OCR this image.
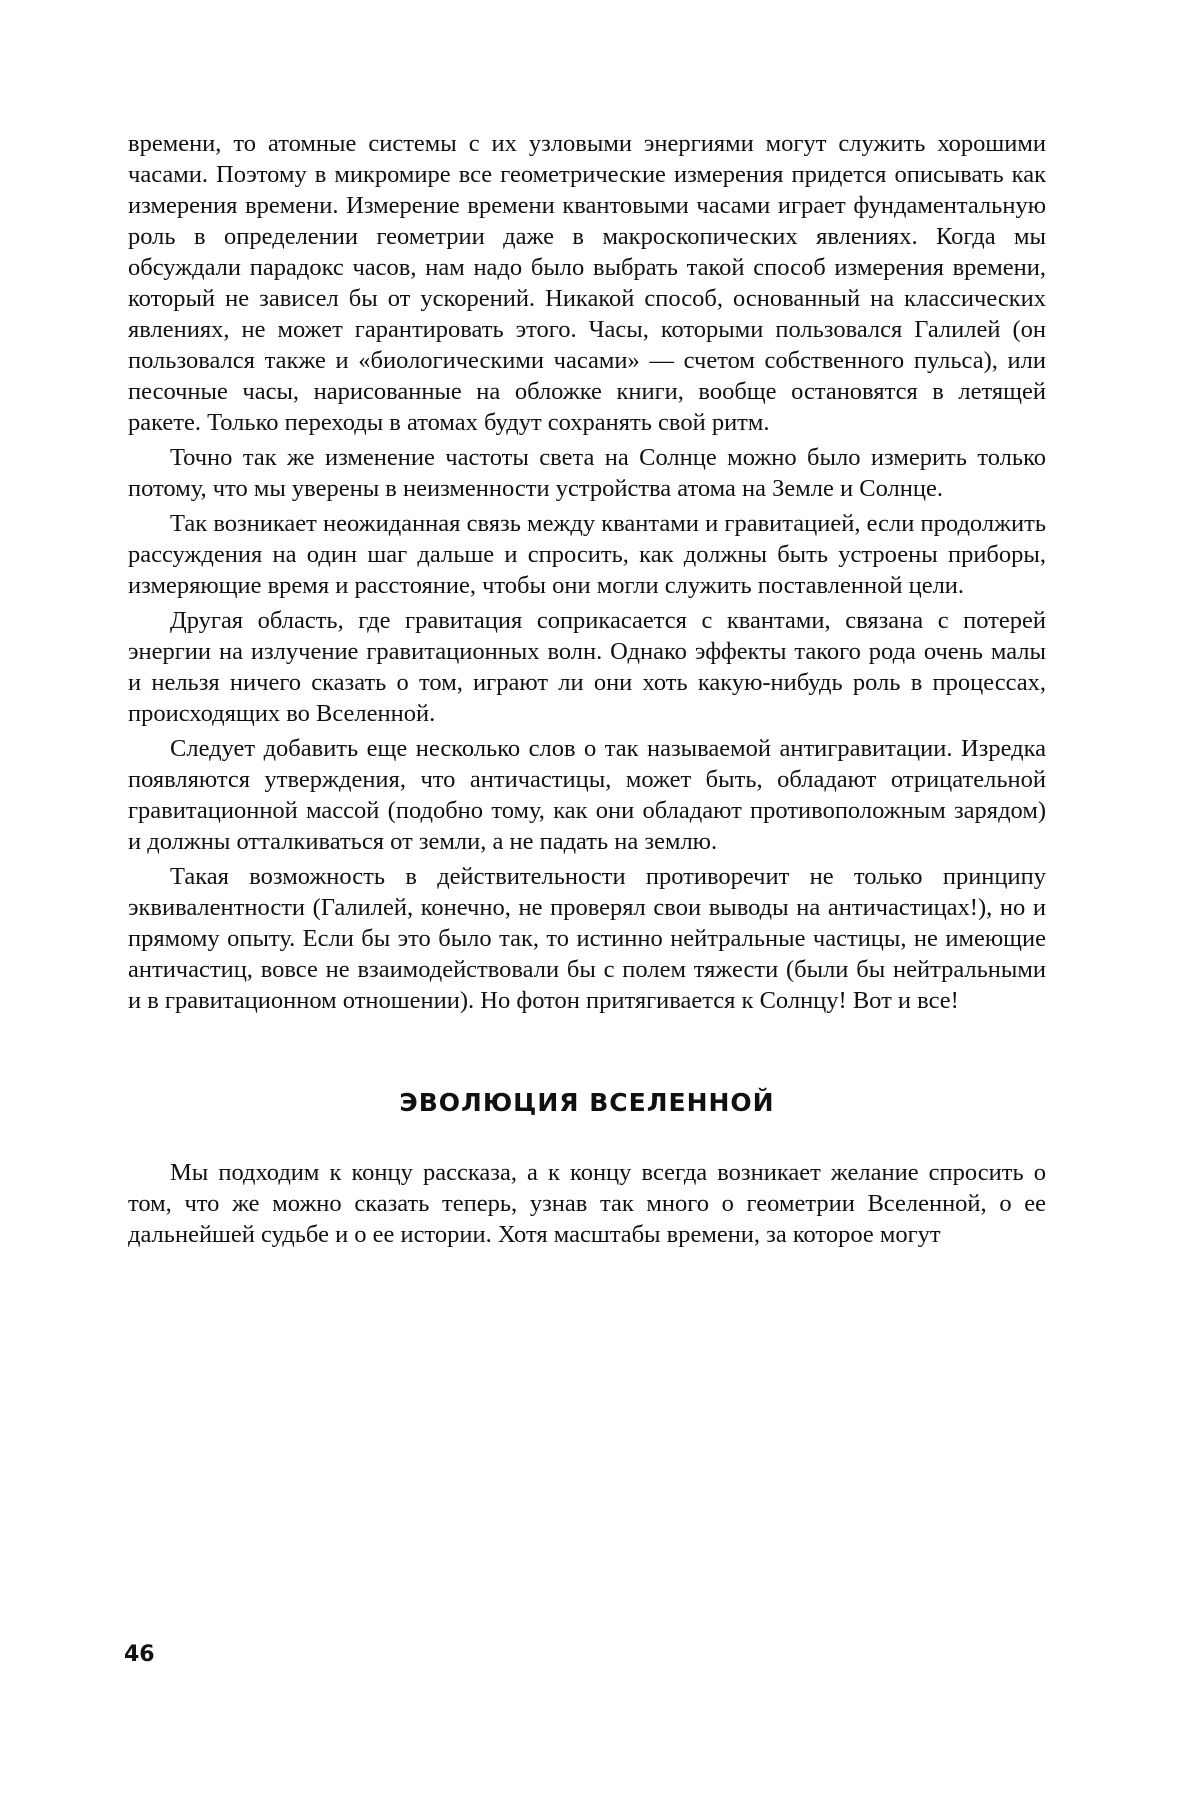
времени, то атомные системы с их узловыми энергиями могут служить хорошими часами. Поэтому в микромире все геометрические измерения придется описывать как измерения времени. Измерение времени квантовыми часами играет фундаментальную роль в определении геометрии даже в макроскопических явлениях. Когда мы обсуждали парадокс часов, нам надо было выбрать такой способ измерения времени, который не зависел бы от ускорений. Никакой способ, основанный на классических явлениях, не может гарантировать этого. Часы, которыми пользовался Галилей (он пользовался также и «биологическими часами» — счетом собственного пульса), или песочные часы, нарисованные на обложке книги, вообще остановятся в летящей ракете. Только переходы в атомах будут сохранять свой ритм.

Точно так же изменение частоты света на Солнце можно было измерить только потому, что мы уверены в неизменности устройства атома на Земле и Солнце.

Так возникает неожиданная связь между квантами и гравитацией, если продолжить рассуждения на один шаг дальше и спросить, как должны быть устроены приборы, измеряющие время и расстояние, чтобы они могли служить поставленной цели.

Другая область, где гравитация соприкасается с квантами, связана с потерей энергии на излучение гравитационных волн. Однако эффекты такого рода очень малы и нельзя ничего сказать о том, играют ли они хоть какую-нибудь роль в процессах, происходящих во Вселенной.

Следует добавить еще несколько слов о так называемой антигравитации. Изредка появляются утверждения, что античастицы, может быть, обладают отрицательной гравитационной массой (подобно тому, как они обладают противоположным зарядом) и должны отталкиваться от земли, а не падать на землю.

Такая возможность в действительности противоречит не только принципу эквивалентности (Галилей, конечно, не проверял свои выводы на античастицах!), но и прямому опыту. Если бы это было так, то истинно нейтральные частицы, не имеющие античастиц, вовсе не взаимодействовали бы с полем тяжести (были бы нейтральными и в гравитационном отношении). Но фотон притягивается к Солнцу! Вот и все!

ЭВОЛЮЦИЯ ВСЕЛЕННОЙ

Мы подходим к концу рассказа, а к концу всегда возникает желание спросить о том, что же можно сказать теперь, узнав так много о геометрии Вселенной, о ее дальнейшей судьбе и о ее истории. Хотя масштабы времени, за которое могут

46
